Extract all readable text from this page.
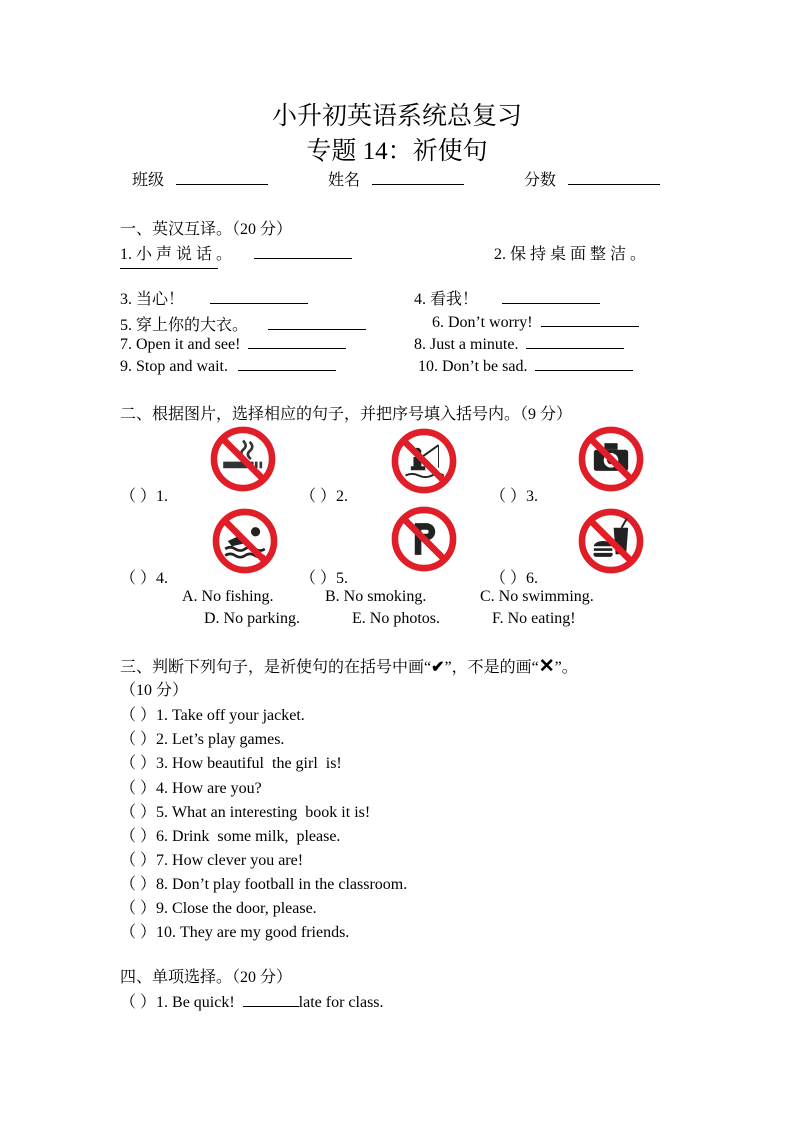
小升初英语系统总复习
专题 14：祈使句
班级	姓名	分数
一、英汉互译。（20 分）
1. 小 声 说 话 。	2. 保 持 桌 面 整 洁 。
3. 当心！	4. 看我！
5. 穿上你的大衣。	6. Don’t worry!
7. Open it and see!	8. Just a minute.
9. Stop and wait.	10. Don’t be sad.
二、根据图片，选择相应的句子，并把序号填入括号内。（9 分）
（ ）1.	（ ）2.	（ ）3.
（ ）4.	（ ）5.	（ ）6.
A. No fishing.	B. No smoking.	C. No swimming.
D. No parking.	E. No photos.	F. No eating!
三、判断下列句子，是祈使句的在括号中画“✔”，不是的画“✕”。
（10 分）
（ ）1. Take off your jacket.
（ ）2. Let’s play games.
（ ）3. How beautiful  the girl  is!
（ ）4. How are you?
（ ）5. What an interesting  book it is!
（ ）6. Drink  some milk,  please.
（ ）7. How clever you are!
（ ）8. Don’t play football in the classroom.
（ ）9. Close the door, please.
（ ）10. They are my good friends.
四、单项选择。（20 分）
（ ）1. Be quick!	late for class.
